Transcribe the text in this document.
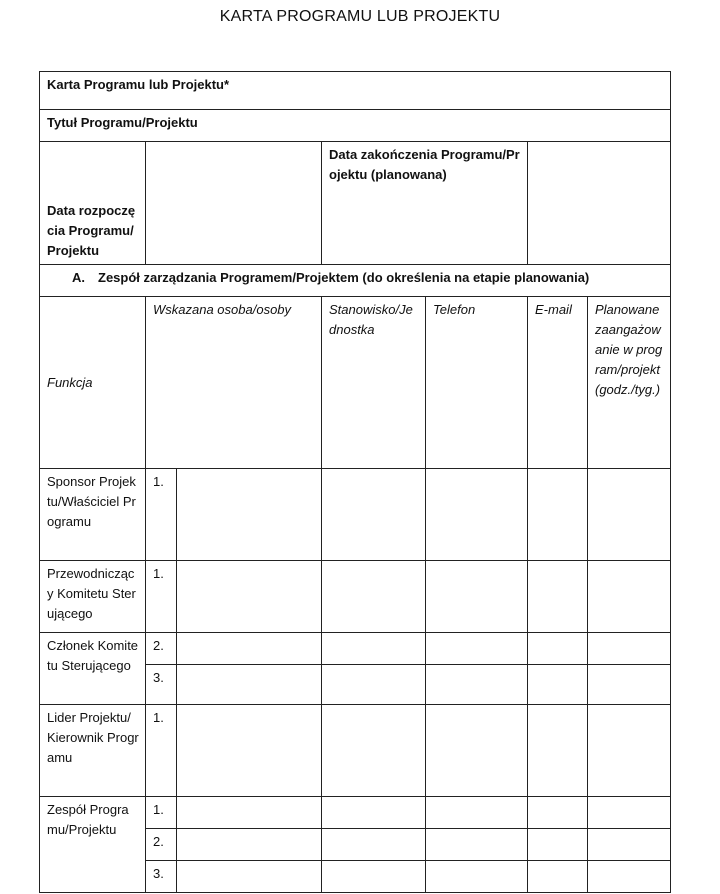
KARTA PROGRAMU LUB PROJEKTU
Karta Programu lub Projektu*						
Tytuł Programu/Projektu						
Data rozpoczęcia Programu/Projektu			Data zakończenia Programu/Projektu (planowana)			
A. Zespół zarządzania Programem/Projektem (do określenia na etapie planowania)						
Funkcja	Wskazana osoba/osoby		Stanowisko/Jednostka	Telefon	E-mail	Planowane zaangażowanie w program/projekt (godz./tyg.)
Sponsor Projektu/Właściciel Programu	1.					
Przewodniczący Komitetu Sterującego	1.					
Członek Komitetu Sterującego	2.					
	3.					
Lider Projektu/Kierownik Programu	1.					
Zespół Programu/Projektu	1.					
	2.					
	3.					
